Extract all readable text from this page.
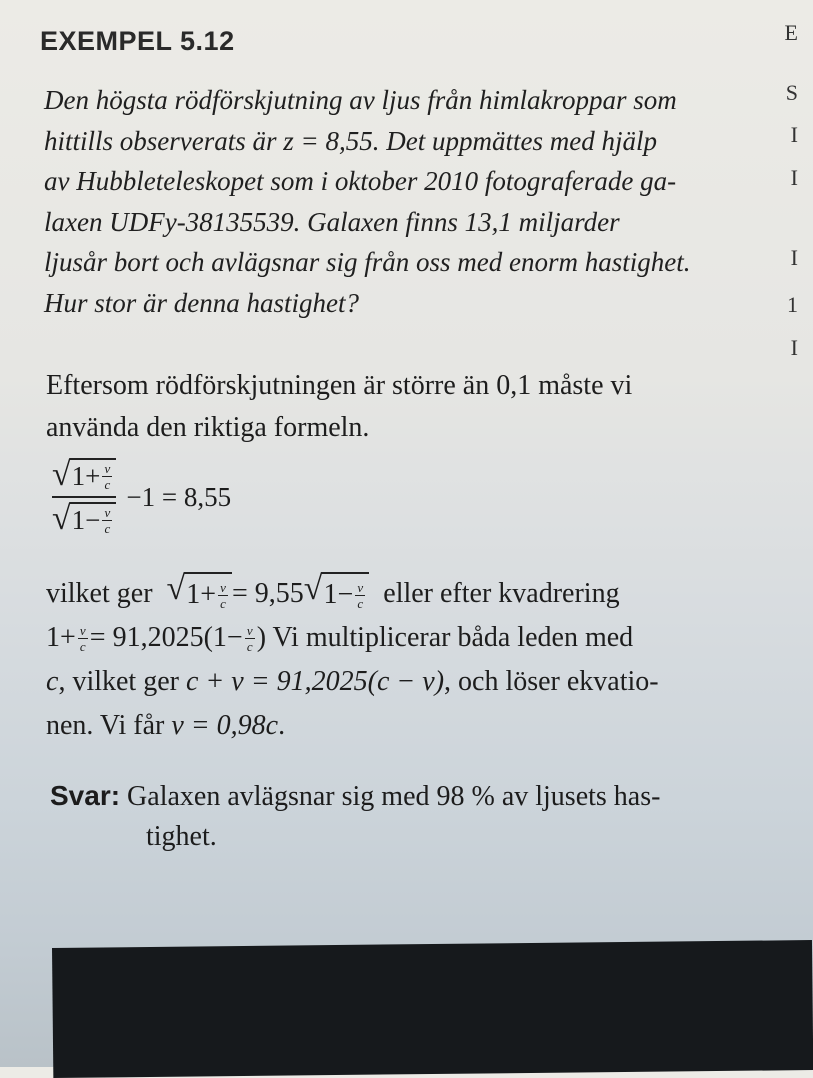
EXEMPEL 5.12	E
S
I
I
I
1
I
Den högsta rödförskjutning av ljus från himlakroppar som
hittills observerats är z = 8,55. Det uppmättes med hjälp
av Hubbleteleskopet som i oktober 2010 fotograferade ga-
laxen UDFy-38135539. Galaxen finns 13,1 miljarder
ljusår bort och avlägsnar sig från oss med enorm hastighet.
Hur stor är denna hastighet?
Eftersom rödförskjutningen är större än 0,1 måste vi
använda den riktiga formeln.
√ 1+ v
c
√ 1− v
c −1 = 8,55
vilket ger
√ 1+ v
c = 9,55 √ 1− v
c
eller efter kvadrering
1+ v
c = 91,2025(1− v
c ) Vi multiplicerar båda leden med
c , vilket ger
c + v = 91,2025(c − v) , och löser ekvatio-
nen. Vi får
v = 0,98c .
Svar: Galaxen avlägsnar sig med 98 % av ljusets has-
tighet.
